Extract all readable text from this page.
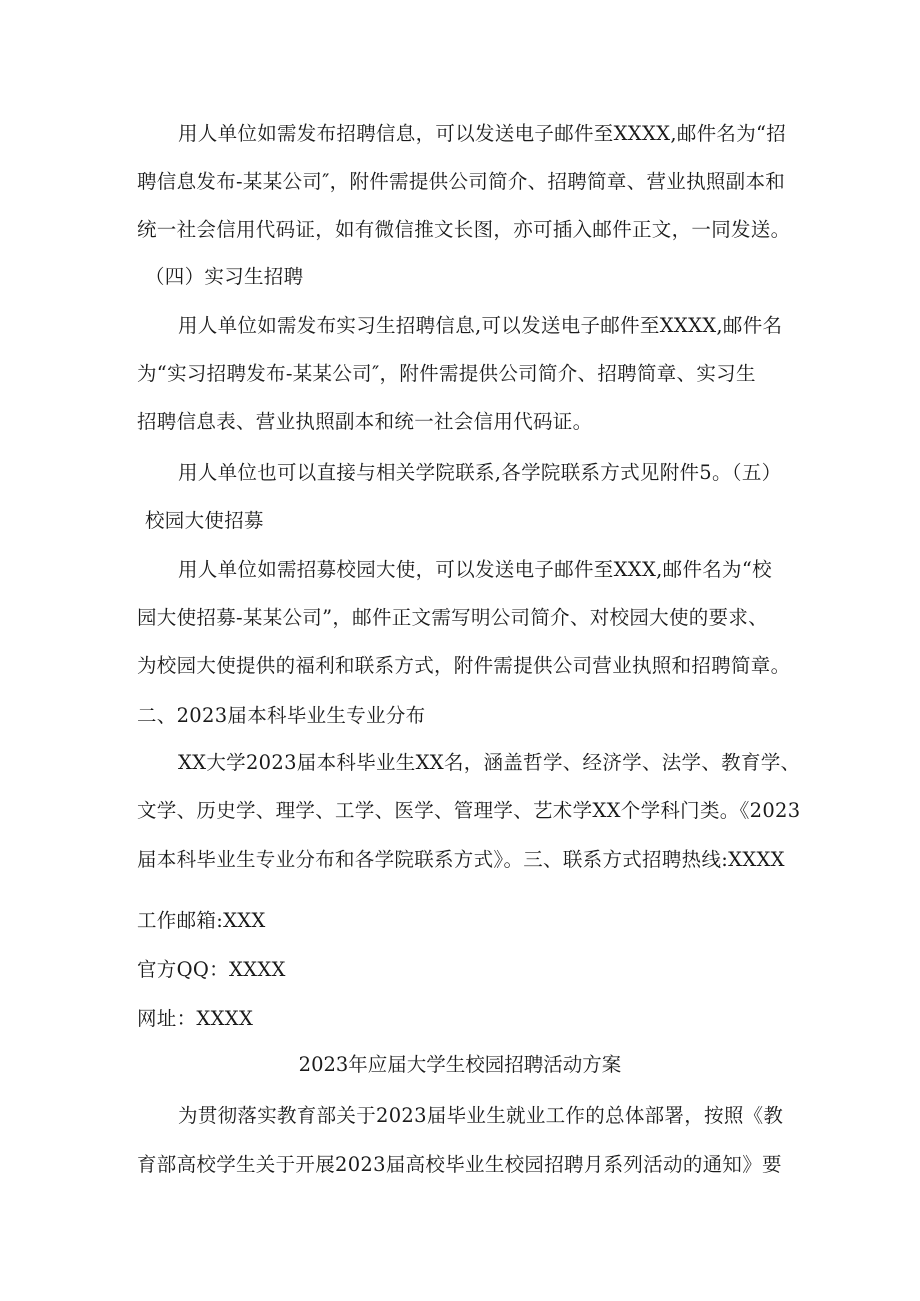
用人单位如需发布招聘信息，可以发送电子邮件至XXXX,邮件名为“招
聘信息发布-某某公司″，附件需提供公司简介、招聘简章、营业执照副本和
统一社会信用代码证，如有微信推文长图，亦可插入邮件正文，一同发送。
（四）实习生招聘
用人单位如需发布实习生招聘信息,可以发送电子邮件至XXXX,邮件名
为“实习招聘发布-某某公司″，附件需提供公司简介、招聘简章、实习生
招聘信息表、营业执照副本和统一社会信用代码证。
用人单位也可以直接与相关学院联系,各学院联系方式见附件5。（五）
校园大使招募
用人单位如需招募校园大使，可以发送电子邮件至XXX,邮件名为“校
园大使招募-某某公司”，邮件正文需写明公司简介、对校园大使的要求、
为校园大使提供的福利和联系方式，附件需提供公司营业执照和招聘简章。
二、2023届本科毕业生专业分布
XX大学2023届本科毕业生XX名，涵盖哲学、经济学、法学、教育学、
文学、历史学、理学、工学、医学、管理学、艺术学XX个学科门类。《2023
届本科毕业生专业分布和各学院联系方式》。三、联系方式招聘热线:XXXX
工作邮箱:XXX
官方QQ：XXXX
网址：XXXX
2023年应届大学生校园招聘活动方案
为贯彻落实教育部关于2023届毕业生就业工作的总体部署，按照《教
育部高校学生关于开展2023届高校毕业生校园招聘月系列活动的通知》要
